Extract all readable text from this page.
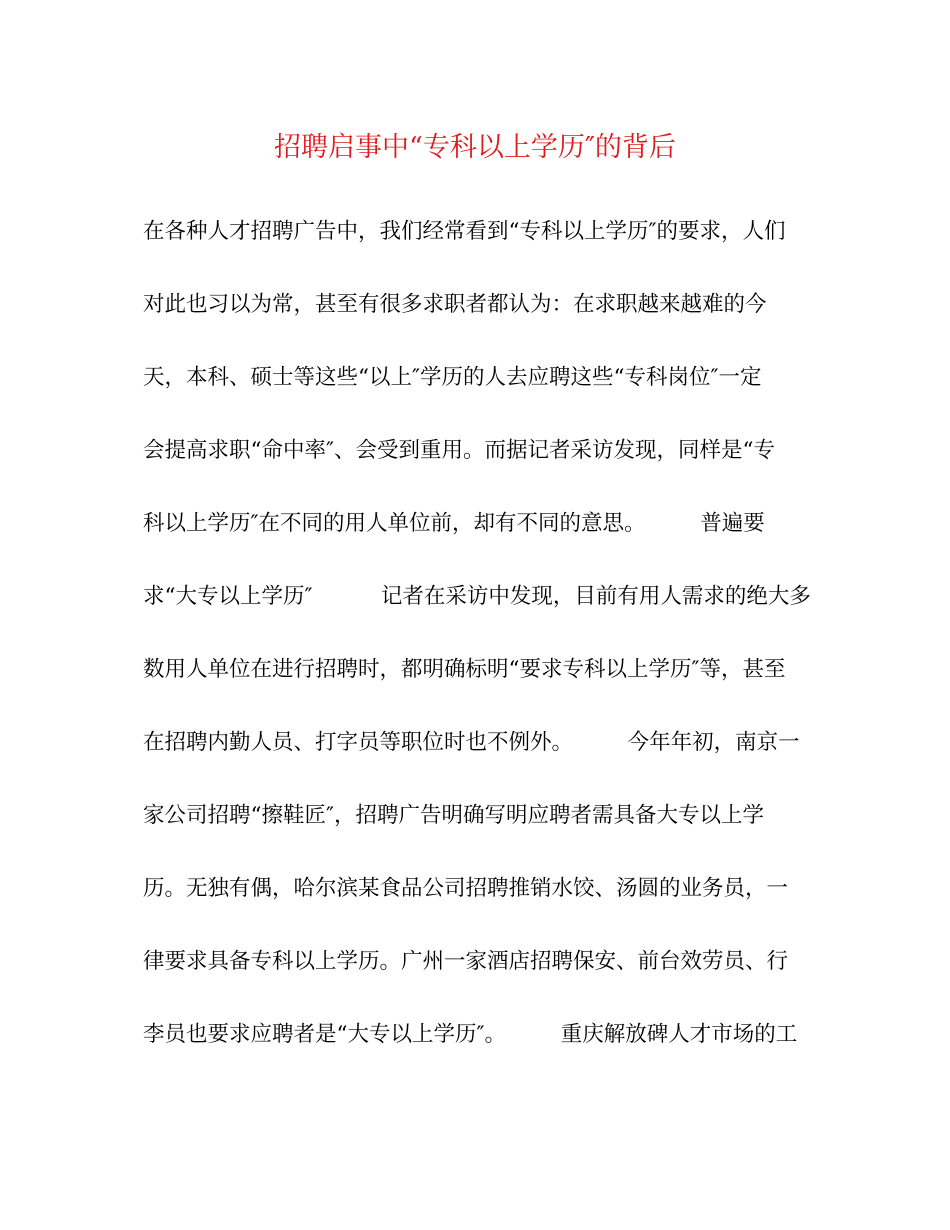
招聘启事中“专科以上学历″的背后
在各种人才招聘广告中，我们经常看到“专科以上学历″的要求，人们
对此也习以为常，甚至有很多求职者都认为：在求职越来越难的今
天，本科、硕士等这些“以上″学历的人去应聘这些“专科岗位″一定
会提高求职“命中率″、会受到重用。而据记者采访发现，同样是“专
科以上学历″在不同的用人单位前，却有不同的意思。        普遍要
求“大专以上学历″          记者在采访中发现，目前有用人需求的绝大多
数用人单位在进行招聘时，都明确标明“要求专科以上学历″等，甚至
在招聘内勤人员、打字员等职位时也不例外。        今年年初，南京一
家公司招聘“擦鞋匠″，招聘广告明确写明应聘者需具备大专以上学
历。无独有偶，哈尔滨某食品公司招聘推销水饺、汤圆的业务员，一
律要求具备专科以上学历。广州一家酒店招聘保安、前台效劳员、行
李员也要求应聘者是“大专以上学历″。        重庆解放碑人才市场的工
